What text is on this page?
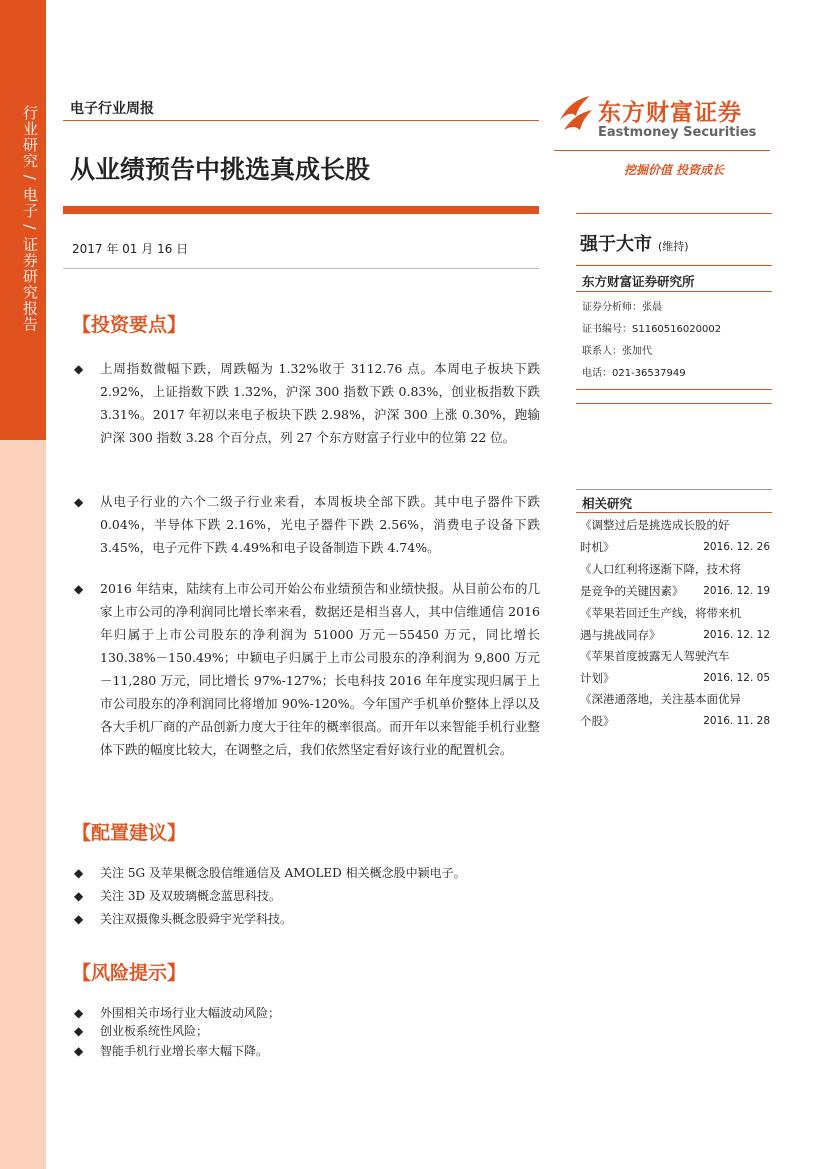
行业研究 / 电子 / 证券研究报告 电子行业周报
从业绩预告中挑选真成长股
2017 年 01 月 16 日
【投资要点】
◆ 上周指数微幅下跌，周跌幅为 1.32%收于 3112.76 点。本周电子板块下跌 2.92%，上证指数下跌 1.32%，沪深 300 指数下跌 0.83%，创业板指数下跌 3.31%。2017 年初以来电子板块下跌 2.98%，沪深 300 上涨 0.30%，跑输沪深 300 指数 3.28 个百分点，列 27 个东方财富子行业中的位第 22 位。
◆ 从电子行业的六个二级子行业来看，本周板块全部下跌。其中电子器件下跌 0.04%，半导体下跌 2.16%，光电子器件下跌 2.56%，消费电子设备下跌 3.45%，电子元件下跌 4.49%和电子设备制造下跌 4.74%。
◆ 2016 年结束，陆续有上市公司开始公布业绩预告和业绩快报。从目前公布的几家上市公司的净利润同比增长率来看，数据还是相当喜人，其中信维通信 2016 年归属于上市公司股东的净利润为 51000 万元－55450 万元，同比增长 130.38%－150.49%；中颖电子归属于上市公司股东的净利润为 9,800 万元－11,280 万元，同比增长 97%-127%；长电科技 2016 年年度实现归属于上市公司股东的净利润同比将增加 90%-120%。今年国产手机单价整体上浮以及各大手机厂商的产品创新力度大于往年的概率很高。而开年以来智能手机行业整体下跌的幅度比较大，在调整之后，我们依然坚定看好该行业的配置机会。
【配置建议】
◆ 关注 5G 及苹果概念股信维通信及 AMOLED 相关概念股中颖电子。
◆ 关注 3D 及双玻璃概念蓝思科技。
◆ 关注双摄像头概念股舜宇光学科技。
【风险提示】
◆ 外围相关市场行业大幅波动风险；
◆ 创业板系统性风险；
◆ 智能手机行业增长率大幅下降。
东方财富证券
Eastmoney Securities
挖掘价值 投资成长
强于大市 (维持)
东方财富证券研究所
证券分析师：张晨
证书编号：S1160516020002
联系人：张加代
电话：021-36537949
相关研究
《调整过后是挑选成长股的好
时机》	2016. 12. 26
《人口红利将逐渐下降，技术将
是竞争的关键因素》 2016. 12. 19
《苹果若回迁生产线，将带来机
遇与挑战同存》	2016. 12. 12
《苹果首度披露无人驾驶汽车
计划》	2016. 12. 05
《深港通落地，关注基本面优异
个股》	2016. 11. 28
